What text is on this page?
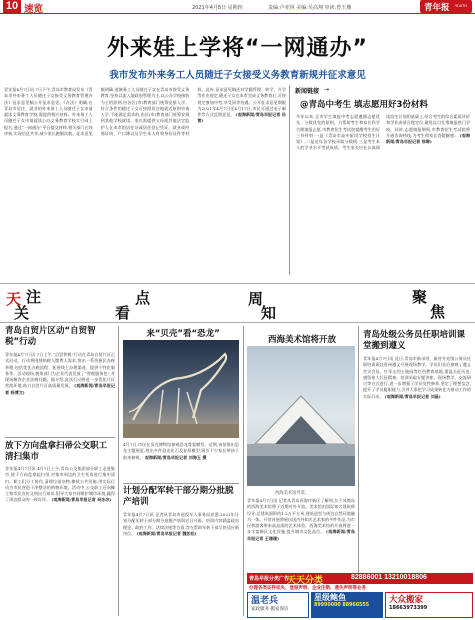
10 速览	2021年4月8日 星期四	责编:卢亚林 美编:吴高翔 审读:曾玉珊	青年报 YOUTH
外来娃上学将“一网通办”
我市发布外来务工人员随迁子女接受义务教育新规并征求意见
青年报4月7日讯 7日下午,青岛市教育局发布《青岛市外来务工人员随迁子女接受义务教育管理办法》征求意见稿公开征求意见。《办法》明确,在青岛市居住、就业的外来务工人员随迁子女申请就读义务教育学校,需提供相应材料。外来务工人员随迁子女申请就读公办义务教育学校实行网上报名,通过“一网通办”平台提交材料,相关部门在线审核,实现信息共享,减少家长跑腿次数。征求意见稿明确,进城务工人员随迁子女在青岛市接受义务教育,坚持以流入地政府管理为主,以公办学校接收为主的原则,由各区(市)教育部门统筹安排入学。符合条件的随迁子女可按照居住地就近原则申请入学,不能满足需求的,由区(市)教育部门统筹安排到其他学校就读。家长需提供父母或其他法定监护人在本市的居住证或居住登记凭证、就业或经商证明、户口簿以及学生本人有效身份证件等材料。此外,征求意见稿还对学籍管理、转学、升学等作出规定,随迁子女在本市完成义务教育后,可按规定参加中考,享受同等待遇。公开征求意见期限为2021年4月7日至4月17日,市民可通过电子邮件等方式反馈意见。 (观海新闻/青岛早报记者 孙雪)
新闻链接 →
@青岛中考生 填志愿用好3份材料
多年以来,全市学生填报中考志愿遵循志愿优先、分数优先的原则。为帮助考生和家长科学合理填报志愿,市教育招生考试院提醒考生用好三份材料:一是《青岛市高中阶段学校招生计划》,二是近年各学校录取分数线,三是考生本人的学业水平考试成绩。考生家长应在认真阅读招生计划的基础上,结合考生的综合素质评价和学业成绩合理定位,避免盲目扎堆填报热门学校。同时,志愿填报期间,市教育招生考试院将开通咨询热线,为考生和家长答疑解惑。 (观海新闻/青岛早报记者 徐琳)
天
关
注
看
点	周
知
聚
焦
青岛自贸片区动“自贸智税”行动
青年报4月7日讯 7日上午,“自贸智税”行动在青岛自贸片区正式启动。行动将围绕纳税人缴费人需求,推出一系列便民办税举措,包括优化办税流程、拓展线上办理渠道、提供个性化服务等。活动现场,税务部门为企业代表发放了“智税服务包”,并现场解答企业涉税问题。据介绍,此次行动将进一步优化片区营商环境,助力自贸片区高质量发展。 (观海新闻/青岛早报记者 杨博文)
放下方向盘拿扫帚公交职工清扫集市
青年报4月7日讯 4月7日上午,青岛公交集团部分职工走进集市,放下方向盘拿起扫帚,对集市周边的卫生死角进行集中清扫。职工们分工协作,清理垃圾杂物,擦拭公共设施,用实际行动为市民营造干净整洁的购物环境。活动中,公交职工还向摊主和市民宣传文明出行知识,倡导大家共同维护城市环境,赢得了周边群众的一致好评。 (观海新闻/青岛早报记者 吴冰冰)
来“贝壳”看“恐龙”
4月7日,市民在贝壳博物馆参观恐龙骨架模型。近期,该馆推出恐龙主题展览,展出多件恐龙化石及复原模型,吸引不少家长带孩子前来参观。 观海新闻/青岛早报记者 刘海玉 摄
计划分配军转干部分期分批脱产培训
青年报4月7日讯 记者从青岛市退役军人事务局获悉,2021年计划分配军转干部分期分批脱产培训近日开班。培训内容涵盖政治理论、政府工作、法律法规等方面,旨在帮助军转干部尽快适应新岗位。 (观海新闻/青岛早报记者 魏如松)
西海美术馆将开放
西海美术馆外景。
青年报4月7日讯 记者从青岛西海岸新区了解到,位于凤凰岛的西海美术馆将于近期对外开放。美术馆由国际知名建筑师设计,总建筑面积约1.2万平方米,建筑造型与周边自然环境融为一体。开馆首展将展出国内外知名艺术家的多件作品,为市民和游客带来高品质的艺术体验。西海美术馆的开放将进一步丰富新区文化设施,提升城市文化品位。 (观海新闻/青岛早报记者 王珊珊)
青岛处级公务员任职培训课堂搬到遵义
青年报4月7日讯 近日,青岛市新录用、新晋升处级公务员任职培训班赴贵州遵义开展现场教学。学员们先后参观了遵义会议会址、红军山烈士陵园等红色教育基地,重温长征历史,感悟伟大长征精神。培训采取专题讲座、现场教学、交流研讨等方式进行,进一步增强了学员党性修养,坚定了理想信念,提升了学员履职能力,引导大家把学习成果转化为推动工作的实际行动。 (观海新闻/青岛早报记者 刘晶)
青岛早报分类广告
天天分类	82886001 13210018806
办理各类证件挂失、登报声明、企业注销、遗失声明等业务
温老兵
家政服务 搬家保洁
星级鲍鱼
89990000 88966555
大众搬家
18663973399
